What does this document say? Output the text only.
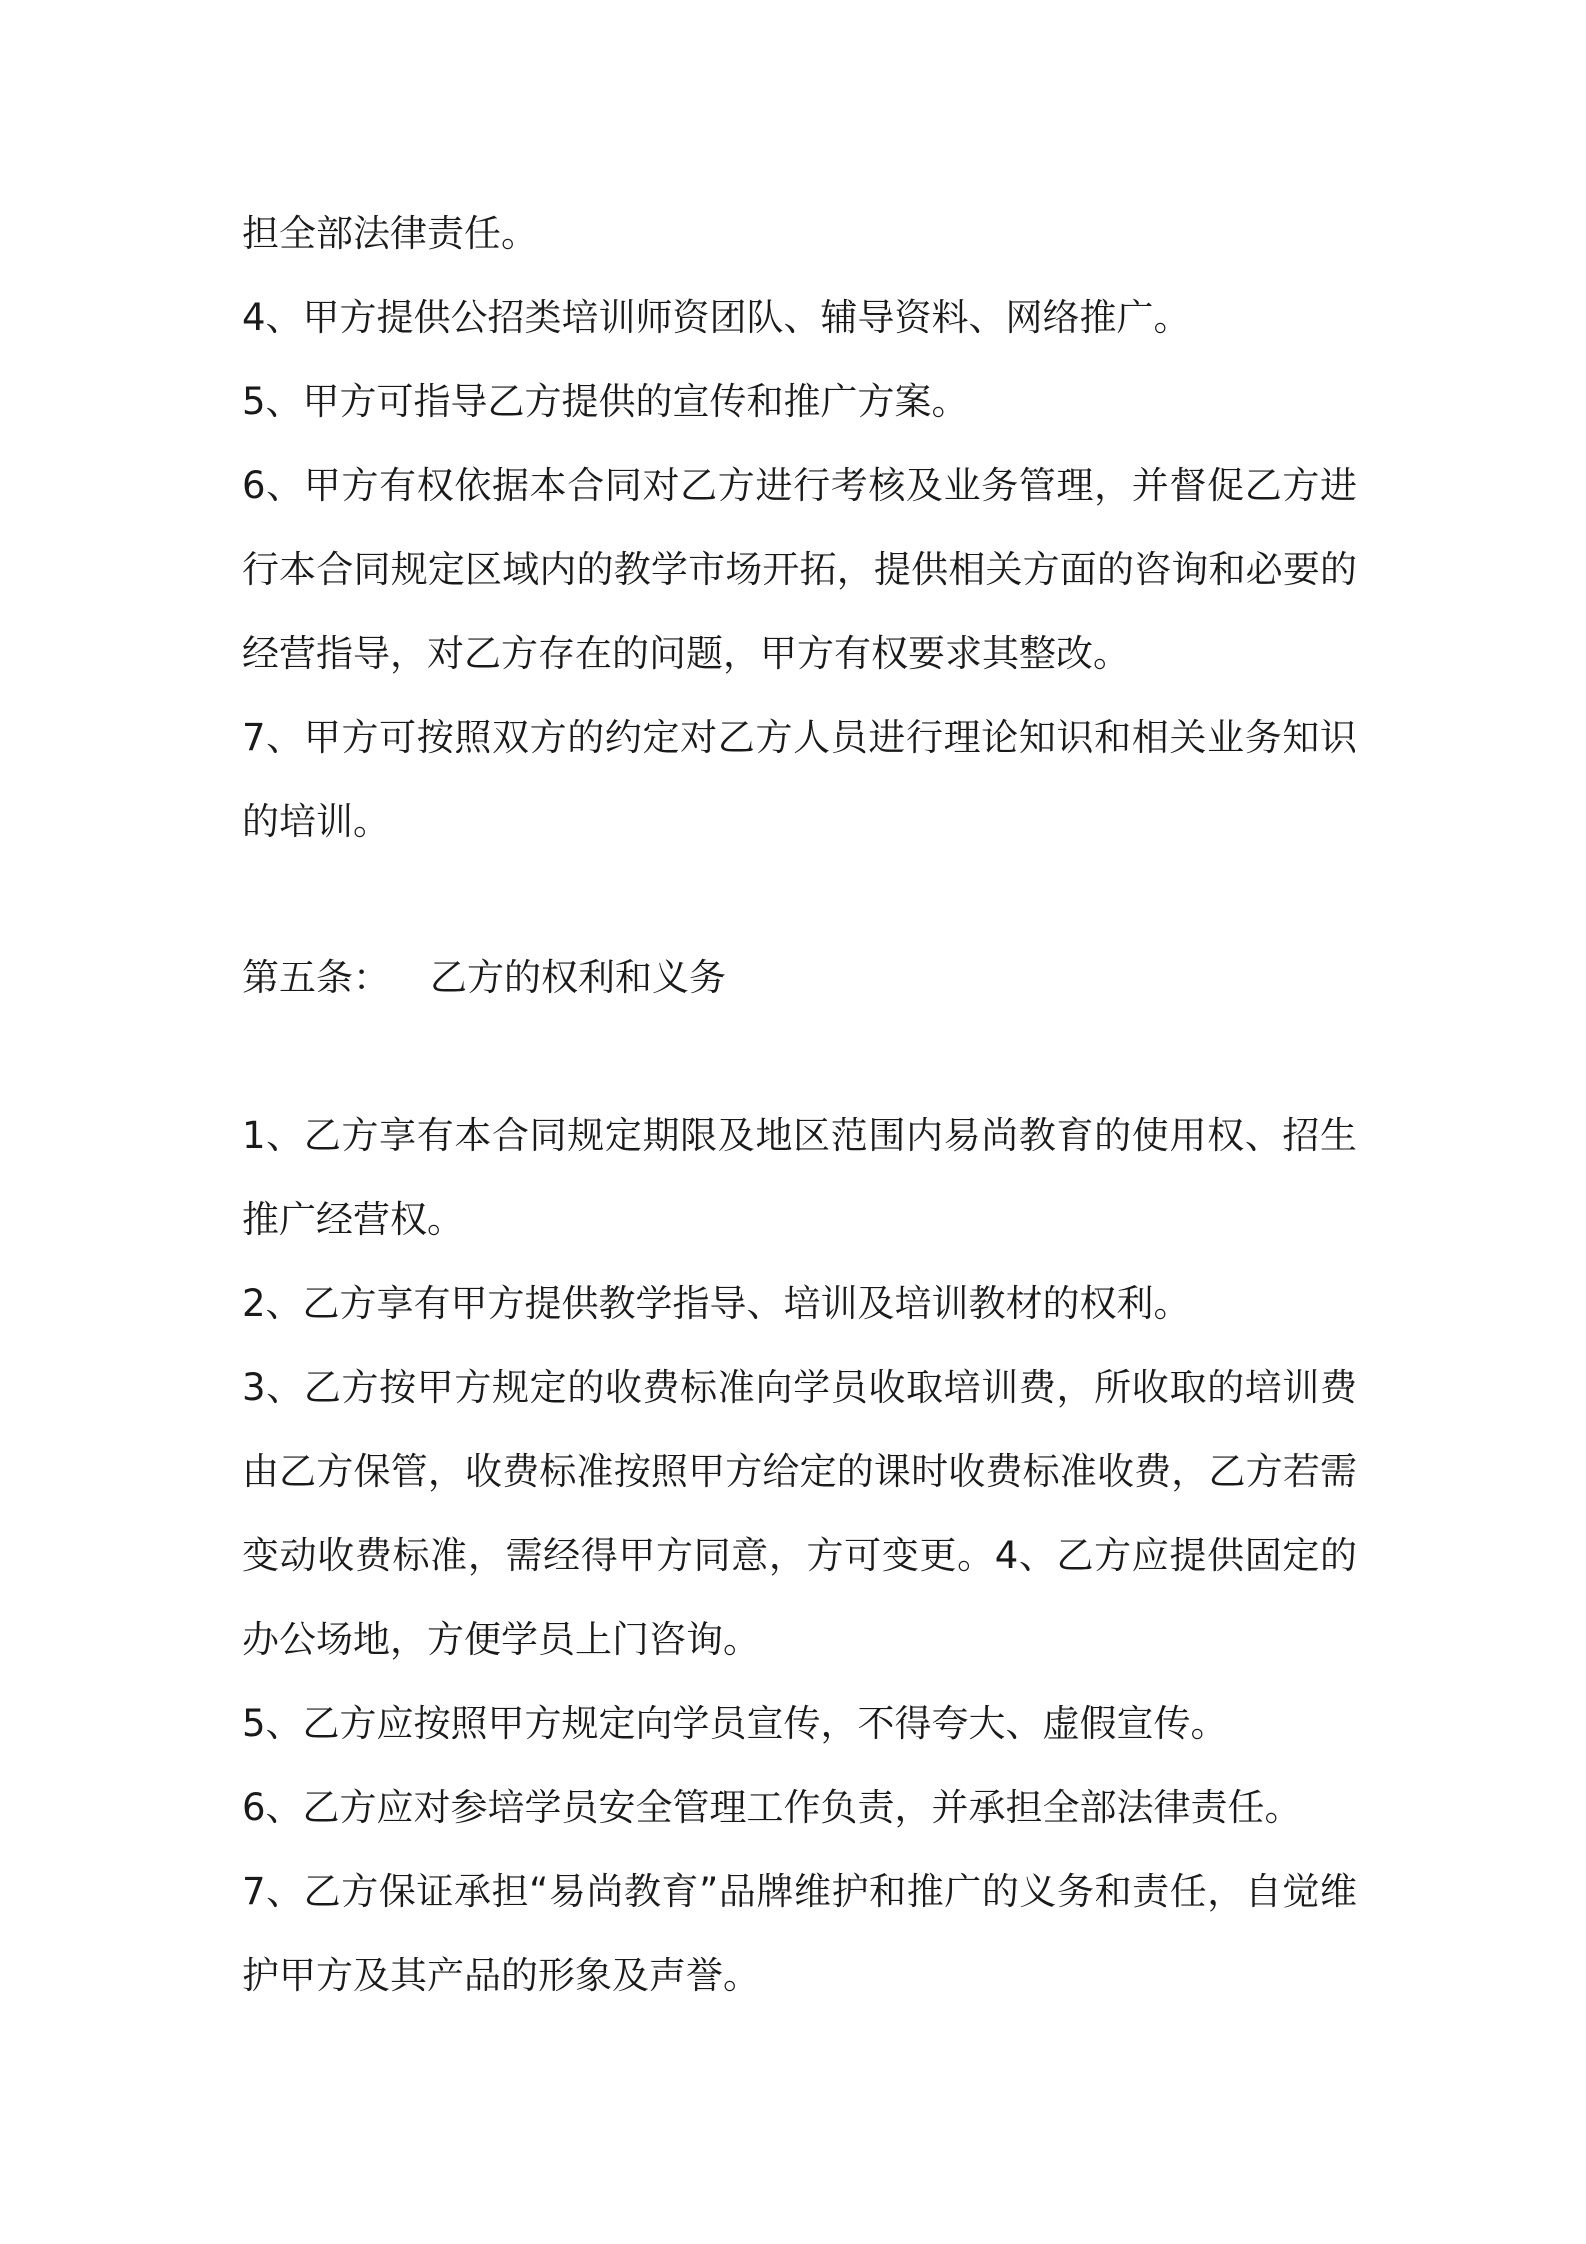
担全部法律责任。

4、甲方提供公招类培训师资团队、辅导资料、网络推广。

5、甲方可指导乙方提供的宣传和推广方案。

6、甲方有权依据本合同对乙方进行考核及业务管理，并督促乙方进行本合同规定区域内的教学市场开拓，提供相关方面的咨询和必要的经营指导，对乙方存在的问题，甲方有权要求其整改。

7、甲方可按照双方的约定对乙方人员进行理论知识和相关业务知识的培训。

第五条： 乙方的权利和义务

1、乙方享有本合同规定期限及地区范围内易尚教育的使用权、招生推广经营权。

2、乙方享有甲方提供教学指导、培训及培训教材的权利。

3、乙方按甲方规定的收费标准向学员收取培训费，所收取的培训费由乙方保管，收费标准按照甲方给定的课时收费标准收费，乙方若需变动收费标准，需经得甲方同意，方可变更。4、乙方应提供固定的办公场地，方便学员上门咨询。

5、乙方应按照甲方规定向学员宣传，不得夸大、虚假宣传。

6、乙方应对参培学员安全管理工作负责，并承担全部法律责任。

7、乙方保证承担“易尚教育”品牌维护和推广的义务和责任，自觉维护甲方及其产品的形象及声誉。
